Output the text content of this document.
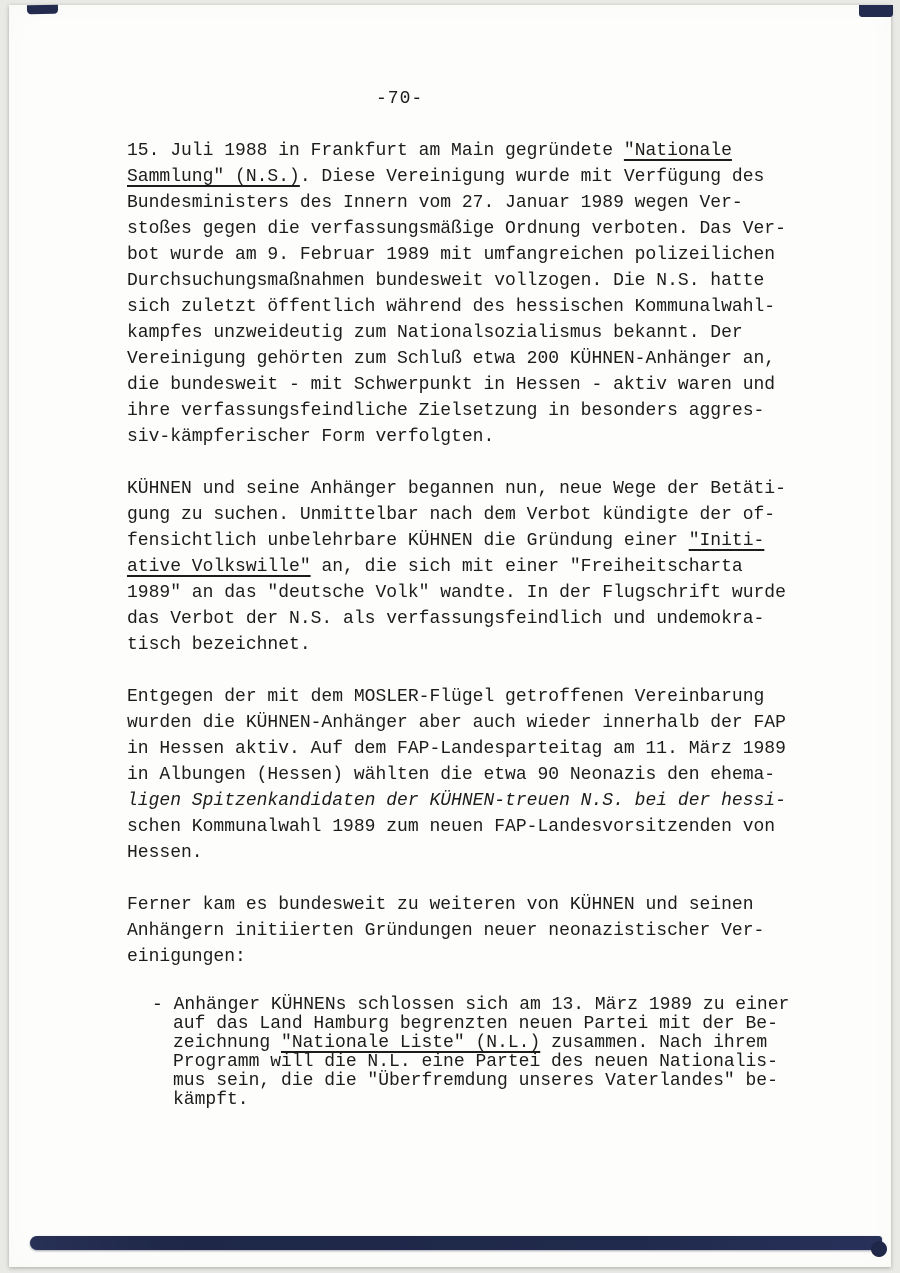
-70-
15. Juli 1988 in Frankfurt am Main gegründete "Nationale
Sammlung" (N.S.). Diese Vereinigung wurde mit Verfügung des
Bundesministers des Innern vom 27. Januar 1989 wegen Ver-
stoßes gegen die verfassungsmäßige Ordnung verboten. Das Ver-
bot wurde am 9. Februar 1989 mit umfangreichen polizeilichen
Durchsuchungsmaßnahmen bundesweit vollzogen. Die N.S. hatte
sich zuletzt öffentlich während des hessischen Kommunalwahl-
kampfes unzweideutig zum Nationalsozialismus bekannt. Der
Vereinigung gehörten zum Schluß etwa 200 KÜHNEN-Anhänger an,
die bundesweit - mit Schwerpunkt in Hessen - aktiv waren und
ihre verfassungsfeindliche Zielsetzung in besonders aggres-
siv-kämpferischer Form verfolgten.
KÜHNEN und seine Anhänger begannen nun, neue Wege der Betäti-
gung zu suchen. Unmittelbar nach dem Verbot kündigte der of-
fensichtlich unbelehrbare KÜHNEN die Gründung einer "Initi-
ative Volkswille" an, die sich mit einer "Freiheitscharta
1989" an das "deutsche Volk" wandte. In der Flugschrift wurde
das Verbot der N.S. als verfassungsfeindlich und undemokra-
tisch bezeichnet.
Entgegen der mit dem MOSLER-Flügel getroffenen Vereinbarung
wurden die KÜHNEN-Anhänger aber auch wieder innerhalb der FAP
in Hessen aktiv. Auf dem FAP-Landesparteitag am 11. März 1989
in Albungen (Hessen) wählten die etwa 90 Neonazis den ehema-
ligen Spitzenkandidaten der KÜHNEN-treuen N.S. bei der hessi-
schen Kommunalwahl 1989 zum neuen FAP-Landesvorsitzenden von
Hessen.
Ferner kam es bundesweit zu weiteren von KÜHNEN und seinen
Anhängern initiierten Gründungen neuer neonazistischer Ver-
einigungen:
- Anhänger KÜHNENs schlossen sich am 13. März 1989 zu einer
auf das Land Hamburg begrenzten neuen Partei mit der Be-
zeichnung "Nationale Liste" (N.L.) zusammen. Nach ihrem
Programm will die N.L. eine Partei des neuen Nationalis-
mus sein, die die "Überfremdung unseres Vaterlandes" be-
kämpft.
